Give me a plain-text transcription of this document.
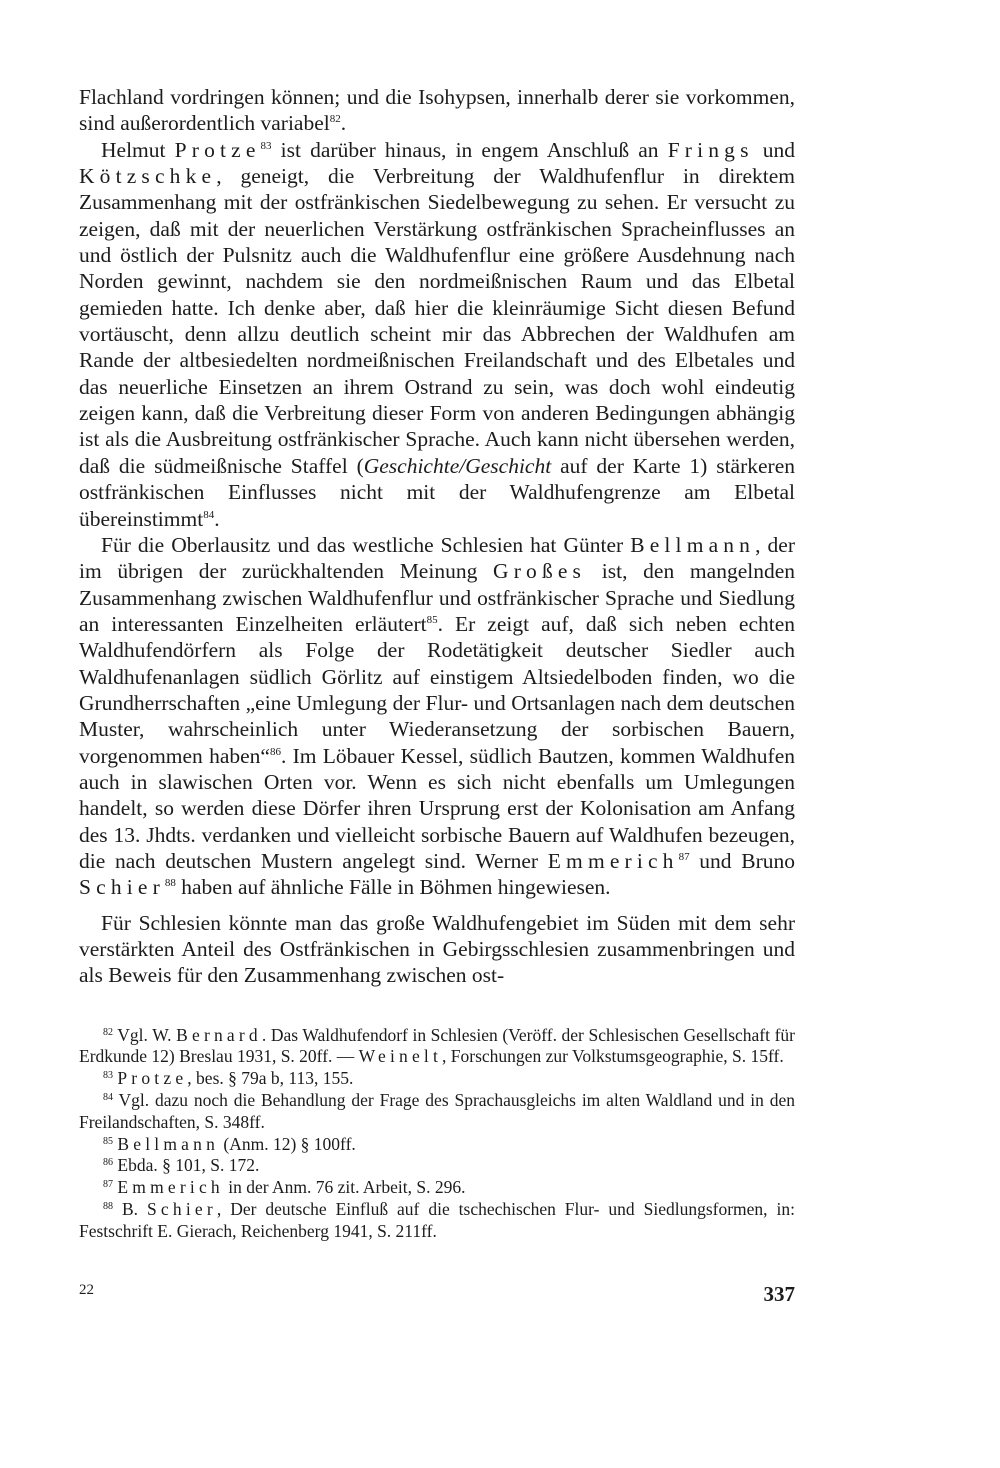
Flachland vordringen können; und die Isohypsen, innerhalb derer sie vorkommen, sind außerordentlich variabel$^{82}$.

Helmut Protze$^{83}$ ist darüber hinaus, in engem Anschluß an Frings und Kötzschke, geneigt, die Verbreitung der Waldhufenflur in direktem Zusammenhang mit der ostfränkischen Siedelbewegung zu sehen. Er versucht zu zeigen, daß mit der neuerlichen Verstärkung ostfränkischen Spracheinflusses an und östlich der Pulsnitz auch die Waldhufenflur eine größere Ausdehnung nach Norden gewinnt, nachdem sie den nordmeißnischen Raum und das Elbetal gemieden hatte. Ich denke aber, daß hier die kleinräumige Sicht diesen Befund vortäuscht, denn allzu deutlich scheint mir das Abbrechen der Waldhufen am Rande der altbesiedelten nordmeißnischen Freilandschaft und des Elbetales und das neuerliche Einsetzen an ihrem Ostrand zu sein, was doch wohl eindeutig zeigen kann, daß die Verbreitung dieser Form von anderen Bedingungen abhängig ist als die Ausbreitung ostfränkischer Sprache. Auch kann nicht übersehen werden, daß die südmeißnische Staffel (Geschichte/Geschicht auf der Karte 1) stärkeren ostfränkischen Einflusses nicht mit der Waldhufengrenze am Elbetal übereinstimmt$^{84}$.

Für die Oberlausitz und das westliche Schlesien hat Günter Bellmann, der im übrigen der zurückhaltenden Meinung Großes ist, den mangelnden Zusammenhang zwischen Waldhufenflur und ostfränkischer Sprache und Siedlung an interessanten Einzelheiten erläutert$^{85}$. Er zeigt auf, daß sich neben echten Waldhufendörfern als Folge der Rodetätigkeit deutscher Siedler auch Waldhufenanlagen südlich Görlitz auf einstigem Altsiedelboden finden, wo die Grundherrschaften „eine Umlegung der Flur- und Ortsanlagen nach dem deutschen Muster, wahrscheinlich unter Wiederansetzung der sorbischen Bauern, vorgenommen haben“$^{86}$. Im Löbauer Kessel, südlich Bautzen, kommen Waldhufen auch in slawischen Orten vor. Wenn es sich nicht ebenfalls um Umlegungen handelt, so werden diese Dörfer ihren Ursprung erst der Kolonisation am Anfang des 13. Jhdts. verdanken und vielleicht sorbische Bauern auf Waldhufen bezeugen, die nach deutschen Mustern angelegt sind. Werner Emmerich$^{87}$ und Bruno Schier$^{88}$ haben auf ähnliche Fälle in Böhmen hingewiesen.

Für Schlesien könnte man das große Waldhufengebiet im Süden mit dem sehr verstärkten Anteil des Ostfränkischen in Gebirgsschlesien zusammenbringen und als Beweis für den Zusammenhang zwischen ost-

$^{82}$ Vgl. W. Bernard. Das Waldhufendorf in Schlesien (Veröff. der Schlesischen Gesellschaft für Erdkunde 12) Breslau 1931, S. 20ff. — Weinelt, Forschungen zur Volkstumsgeographie, S. 15ff.

$^{83}$ Protze, bes. § 79a b, 113, 155.

$^{84}$ Vgl. dazu noch die Behandlung der Frage des Sprachausgleichs im alten Waldland und in den Freilandschaften, S. 348ff.

$^{85}$ Bellmann (Anm. 12) § 100ff.

$^{86}$ Ebda. § 101, S. 172.

$^{87}$ Emmerich in der Anm. 76 zit. Arbeit, S. 296.

$^{88}$ B. Schier, Der deutsche Einfluß auf die tschechischen Flur- und Siedlungsformen, in: Festschrift E. Gierach, Reichenberg 1941, S. 211ff.

22	337
